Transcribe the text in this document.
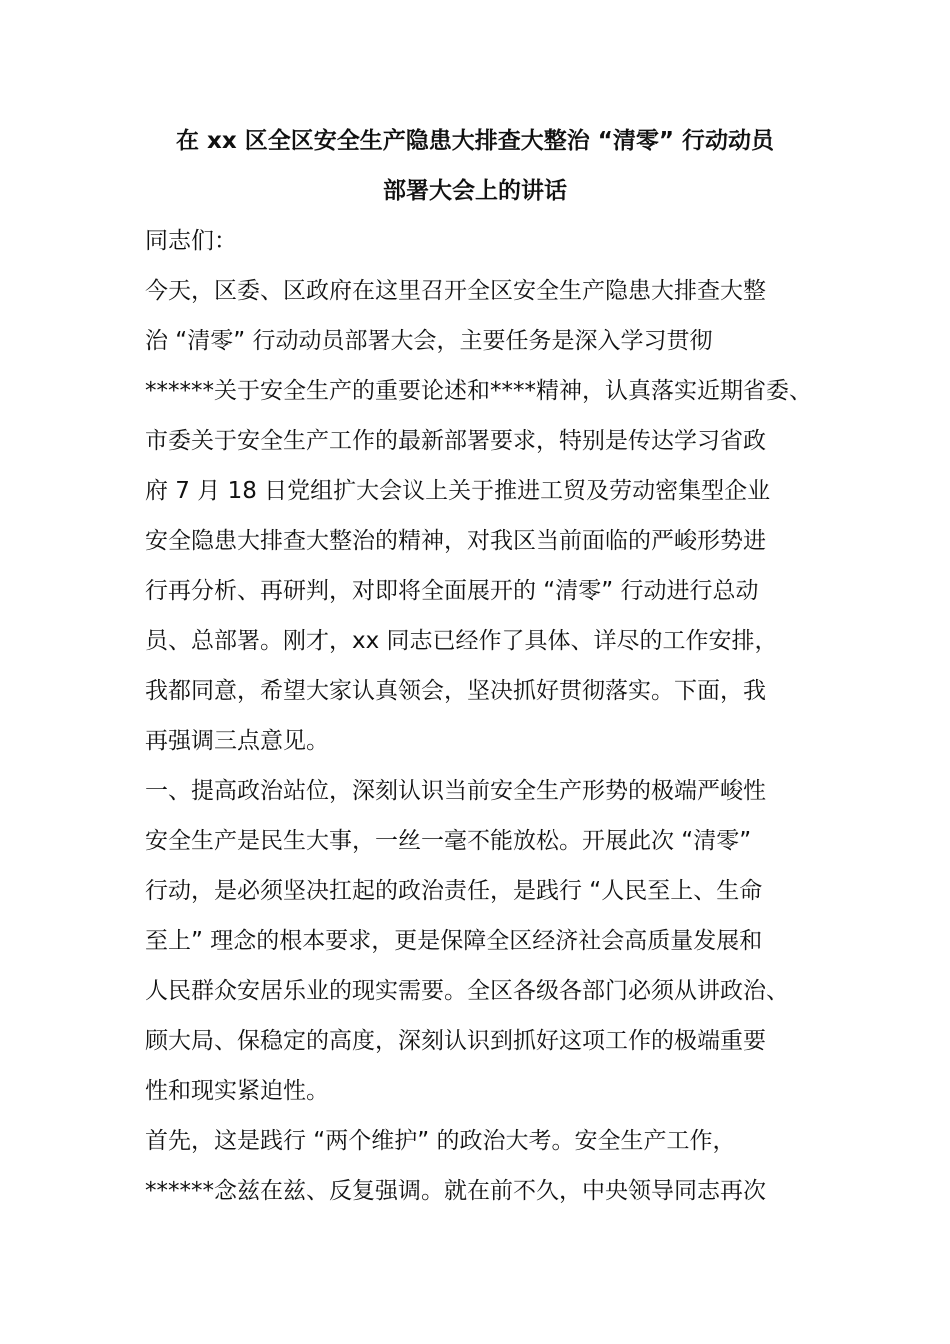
在 xx 区全区安全生产隐患大排查大整治 “清零” 行动动员
部署大会上的讲话
同志们：
今天，区委、区政府在这里召开全区安全生产隐患大排查大整
治 “清零” 行动动员部署大会，主要任务是深入学习贯彻
******关于安全生产的重要论述和****精神，认真落实近期省委、
市委关于安全生产工作的最新部署要求，特别是传达学习省政
府 7 月 18 日党组扩大会议上关于推进工贸及劳动密集型企业
安全隐患大排查大整治的精神，对我区当前面临的严峻形势进
行再分析、再研判，对即将全面展开的 “清零” 行动进行总动
员、总部署。刚才，xx 同志已经作了具体、详尽的工作安排，
我都同意，希望大家认真领会，坚决抓好贯彻落实。下面，我
再强调三点意见。
一、提高政治站位，深刻认识当前安全生产形势的极端严峻性
安全生产是民生大事，一丝一毫不能放松。开展此次 “清零”
行动，是必须坚决扛起的政治责任，是践行 “人民至上、生命
至上” 理念的根本要求，更是保障全区经济社会高质量发展和
人民群众安居乐业的现实需要。全区各级各部门必须从讲政治、
顾大局、保稳定的高度，深刻认识到抓好这项工作的极端重要
性和现实紧迫性。
首先，这是践行 “两个维护” 的政治大考。安全生产工作，
******念兹在兹、反复强调。就在前不久，中央领导同志再次
